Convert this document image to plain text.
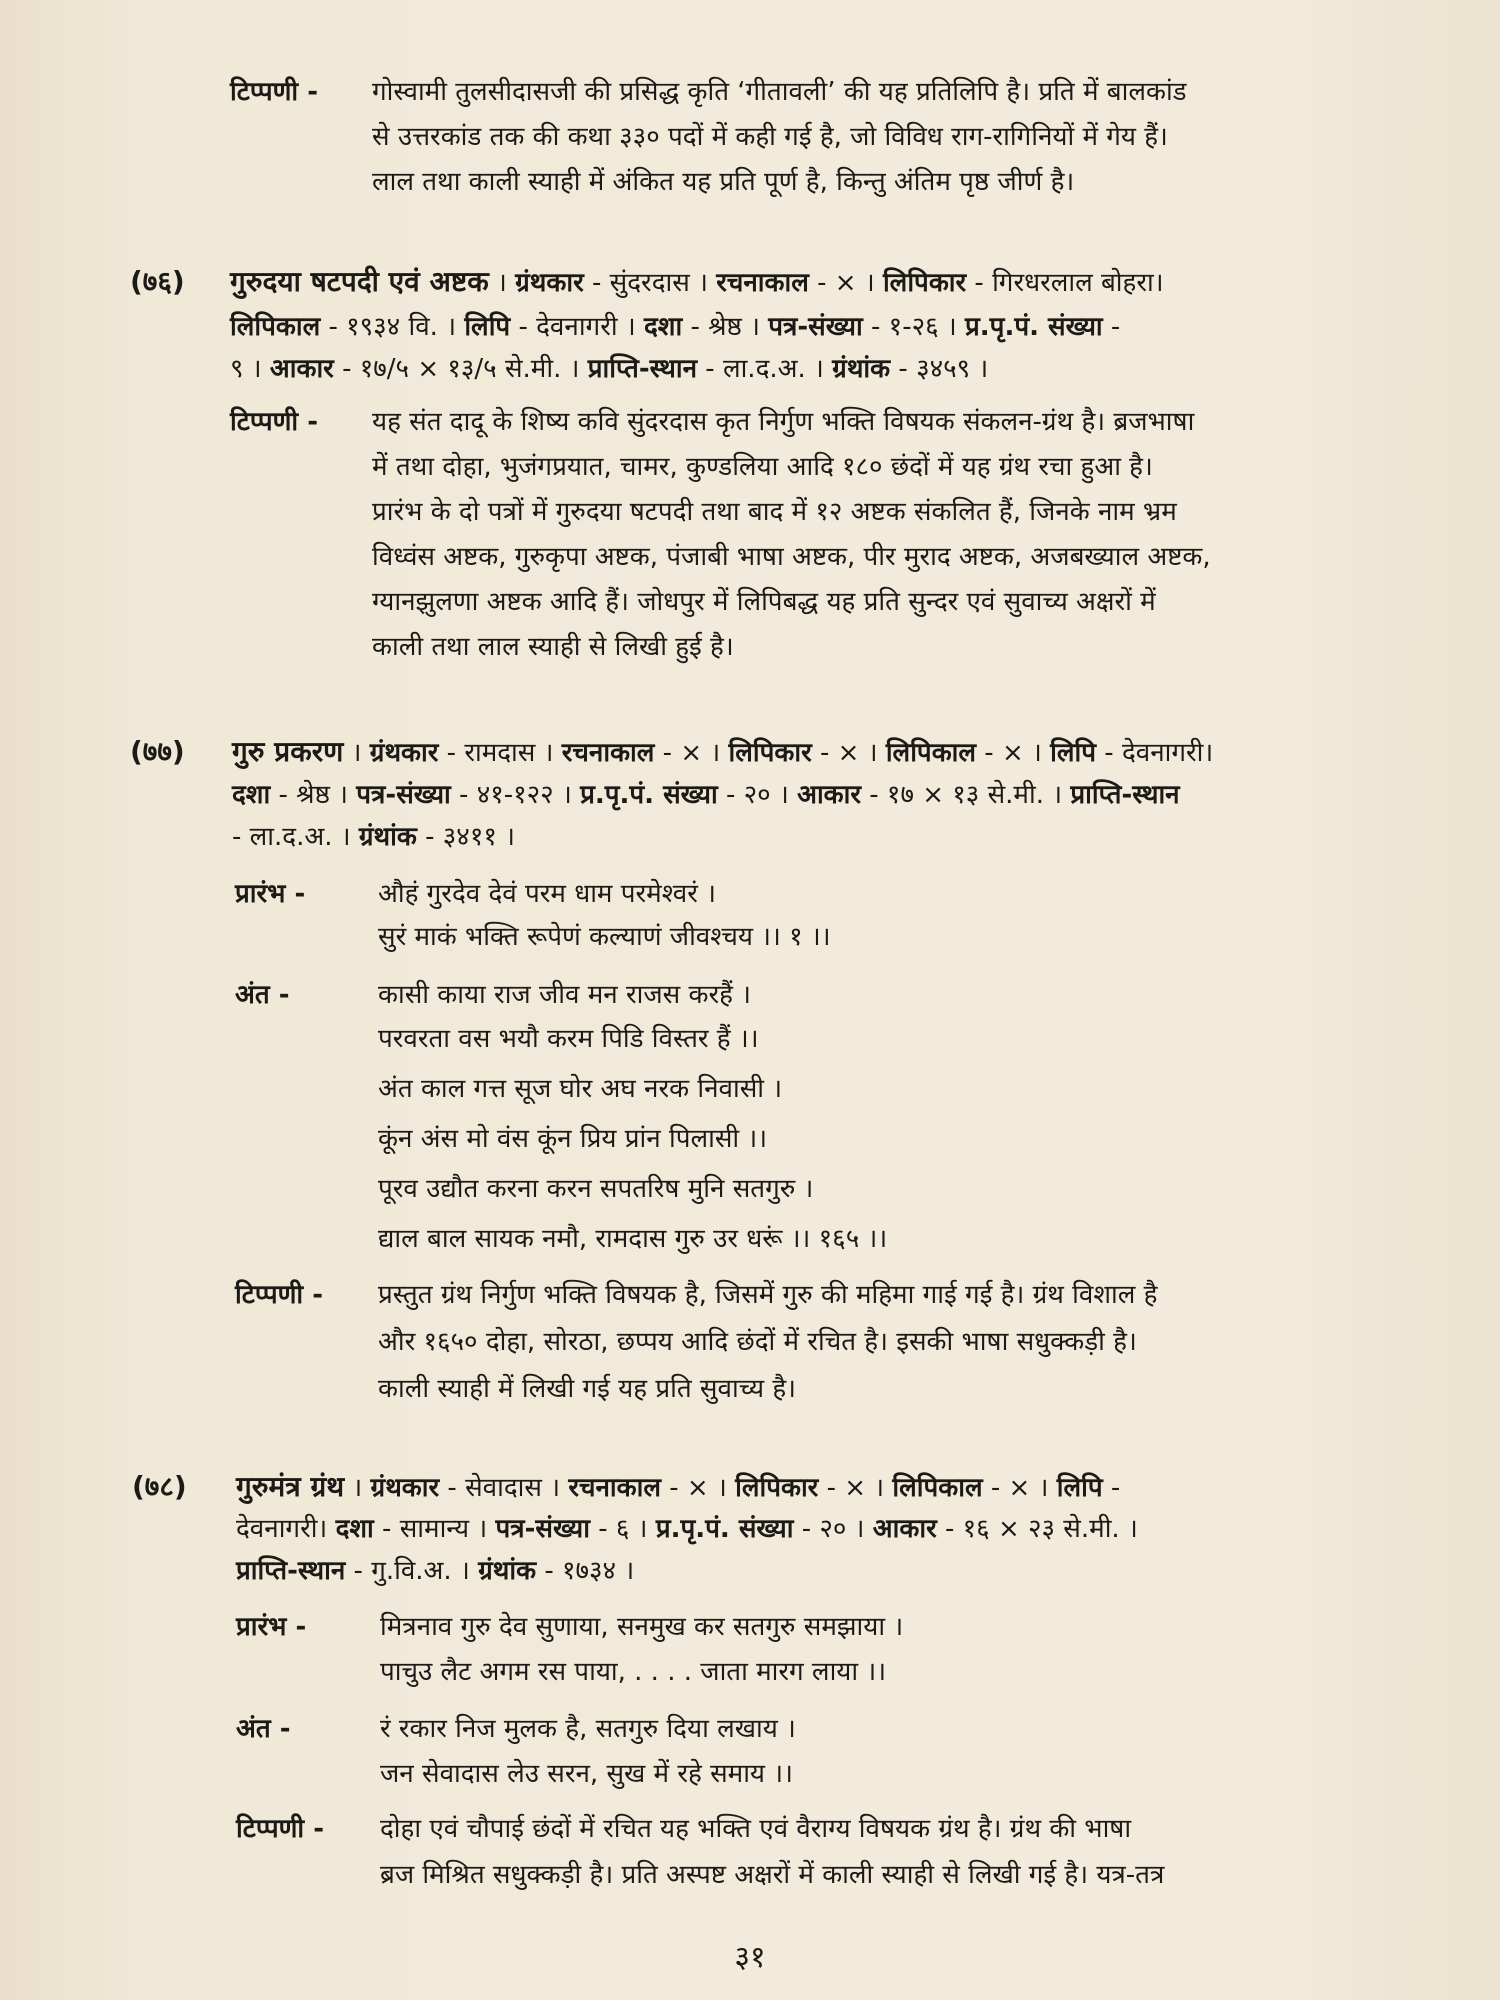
टिप्पणी - गोस्वामी तुलसीदासजी की प्रसिद्ध कृति ‘गीतावली’ की यह प्रतिलिपि है। प्रति में बालकांड
से उत्तरकांड तक की कथा ३३० पदों में कही गई है, जो विविध राग-रागिनियों में गेय हैं।
लाल तथा काली स्याही में अंकित यह प्रति पूर्ण है, किन्तु अंतिम पृष्ठ जीर्ण है।
(७६) गुरुदया षटपदी एवं अष्टक । ग्रंथकार - सुंदरदास । रचनाकाल - × । लिपिकार - गिरधरलाल बोहरा।
लिपिकाल - १९३४ वि. । लिपि - देवनागरी । दशा - श्रेष्ठ । पत्र-संख्या - १-२६ । प्र.पृ.पं. संख्या -
९ । आकार - १७/५ × १३/५ से.मी. । प्राप्ति-स्थान - ला.द.अ. । ग्रंथांक - ३४५९ ।
टिप्पणी - यह संत दादू के शिष्य कवि सुंदरदास कृत निर्गुण भक्ति विषयक संकलन-ग्रंथ है। ब्रजभाषा
में तथा दोहा, भुजंगप्रयात, चामर, कुण्डलिया आदि १८० छंदों में यह ग्रंथ रचा हुआ है।
प्रारंभ के दो पत्रों में गुरुदया षटपदी तथा बाद में १२ अष्टक संकलित हैं, जिनके नाम भ्रम
विध्वंस अष्टक, गुरुकृपा अष्टक, पंजाबी भाषा अष्टक, पीर मुराद अष्टक, अजबख्याल अष्टक,
ग्यानझुलणा अष्टक आदि हैं। जोधपुर में लिपिबद्ध यह प्रति सुन्दर एवं सुवाच्य अक्षरों में
काली तथा लाल स्याही से लिखी हुई है।
(७७) गुरु प्रकरण । ग्रंथकार - रामदास । रचनाकाल - × । लिपिकार - × । लिपिकाल - × । लिपि - देवनागरी।
दशा - श्रेष्ठ । पत्र-संख्या - ४१-१२२ । प्र.पृ.पं. संख्या - २० । आकार - १७ × १३ से.मी. । प्राप्ति-स्थान
- ला.द.अ. । ग्रंथांक - ३४११ ।
प्रारंभ -	औहं गुरदेव देवं परम धाम परमेश्वरं ।
सुरं माकं भक्ति रूपेणं कल्याणं जीवश्चय ।। १ ।।
अंत -	कासी काया राज जीव मन राजस करहैं ।
परवरता वस भयौ करम पिडि विस्तर हैं ।।
अंत काल गत्त सूज घोर अघ नरक निवासी ।
कूंन अंस मो वंस कूंन प्रिय प्रांन पिलासी ।।
पूरव उद्यौत करना करन सपतरिष मुनि सतगुरु ।
द्याल बाल सायक नमौ, रामदास गुरु उर धरूं ।। १६५ ।।
टिप्पणी - प्रस्तुत ग्रंथ निर्गुण भक्ति विषयक है, जिसमें गुरु की महिमा गाई गई है। ग्रंथ विशाल है
और १६५० दोहा, सोरठा, छप्पय आदि छंदों में रचित है। इसकी भाषा सधुक्कड़ी है।
काली स्याही में लिखी गई यह प्रति सुवाच्य है।
(७८) गुरुमंत्र ग्रंथ । ग्रंथकार - सेवादास । रचनाकाल - × । लिपिकार - × । लिपिकाल - × । लिपि -
देवनागरी। दशा - सामान्य । पत्र-संख्या - ६ । प्र.पृ.पं. संख्या - २० । आकार - १६ × २३ से.मी. ।
प्राप्ति-स्थान - गु.वि.अ. । ग्रंथांक - १७३४ ।
प्रारंभ -	मित्रनाव गुरु देव सुणाया, सनमुख कर सतगुरु समझाया ।
पाचुउ लैट अगम रस पाया, . . . . जाता मारग लाया ।।
अंत -	रं रकार निज मुलक है, सतगुरु दिया लखाय ।
जन सेवादास लेउ सरन, सुख में रहे समाय ।।
टिप्पणी - दोहा एवं चौपाई छंदों में रचित यह भक्ति एवं वैराग्य विषयक ग्रंथ है। ग्रंथ की भाषा
ब्रज मिश्रित सधुक्कड़ी है। प्रति अस्पष्ट अक्षरों में काली स्याही से लिखी गई है। यत्र-तत्र
३१
